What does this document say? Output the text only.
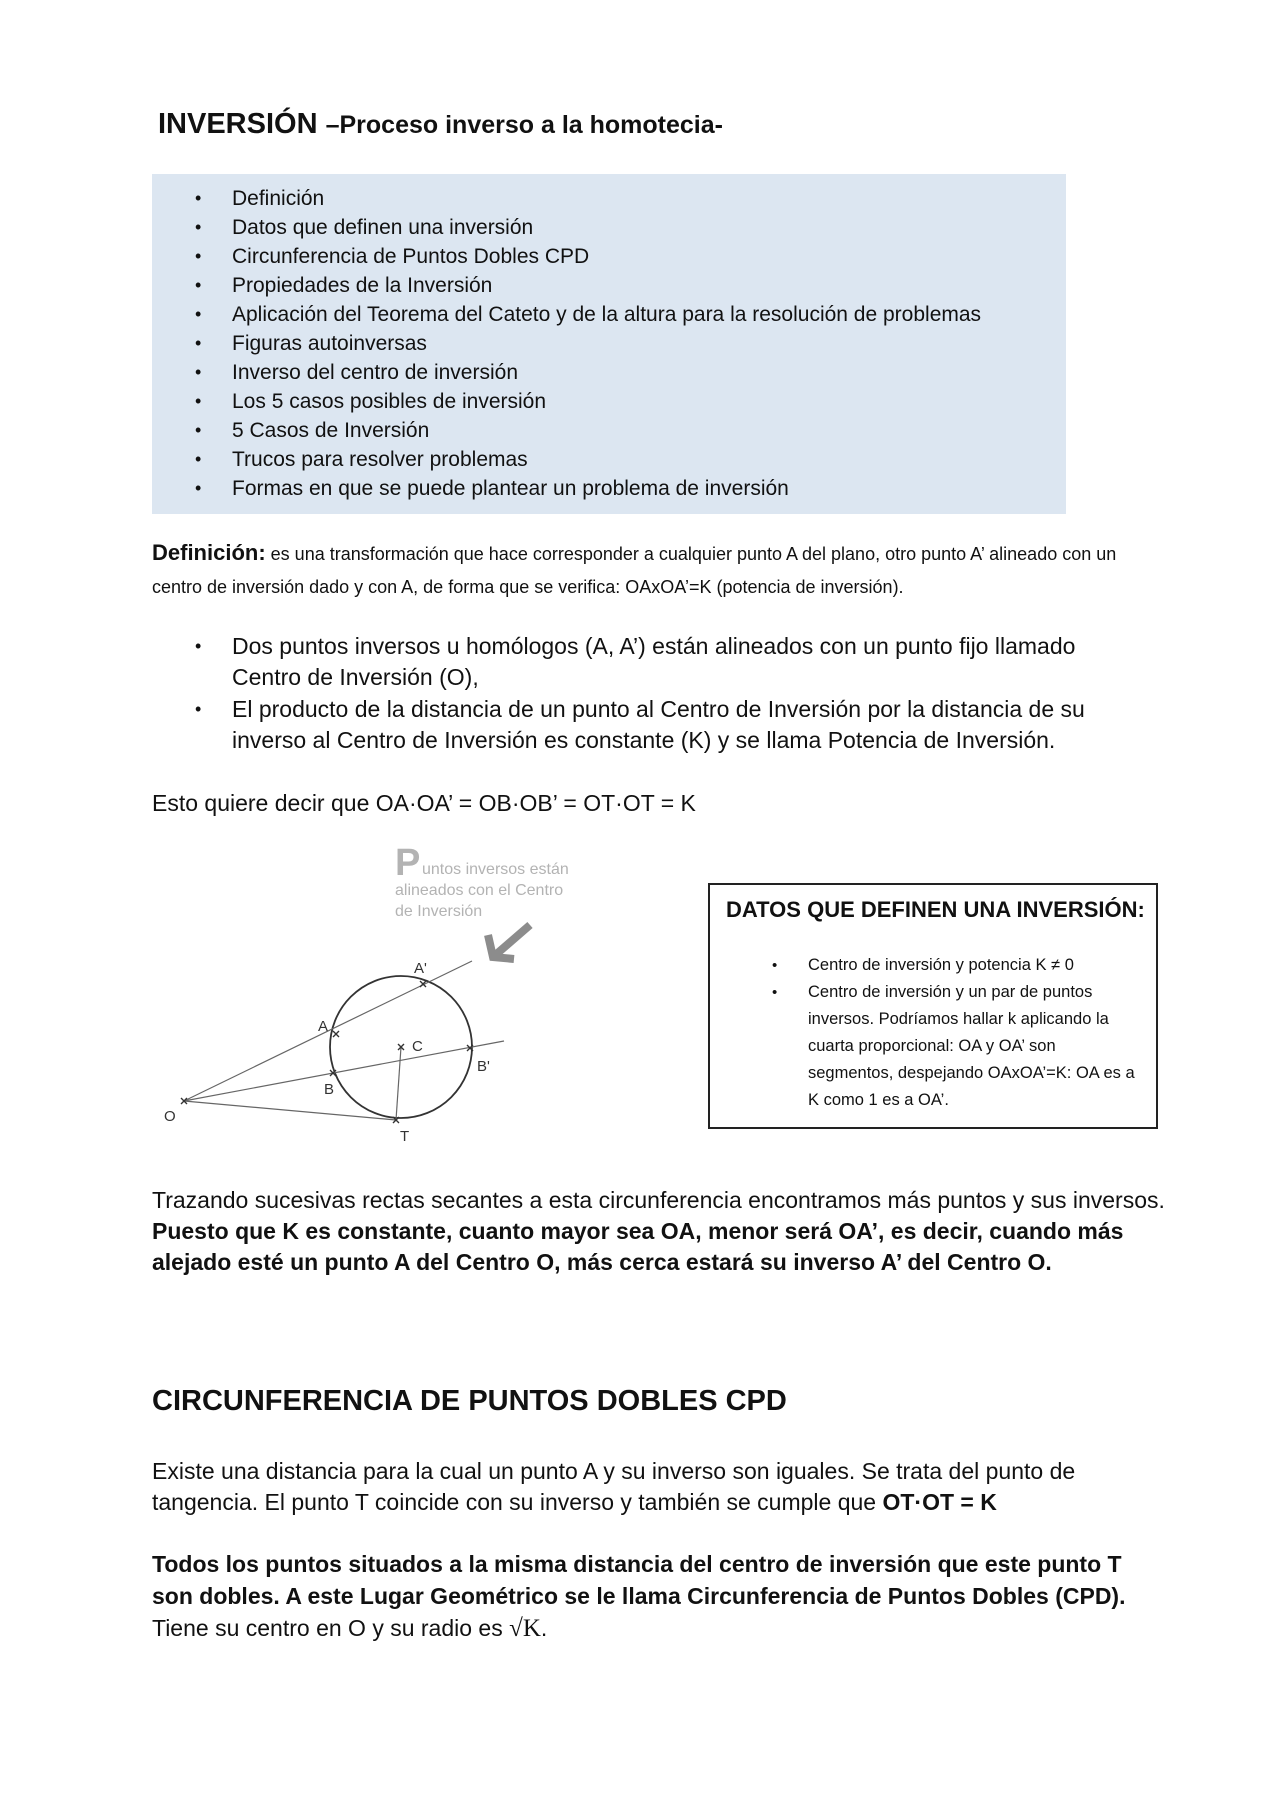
INVERSIÓN –Proceso inverso a la homotecia-
• Definición
• Datos que definen una inversión
• Circunferencia de Puntos Dobles CPD
• Propiedades de la Inversión
• Aplicación del Teorema del Cateto y de la altura para la resolución de problemas
• Figuras autoinversas
• Inverso del centro de inversión
• Los 5 casos posibles de inversión
• 5 Casos de Inversión
• Trucos para resolver problemas
• Formas en que se puede plantear un problema de inversión

Definición: es una transformación que hace corresponder a cualquier punto A del plano, otro punto A’ alineado con un centro de inversión dado y con A, de forma que se verifica: OAxOA’=K (potencia de inversión).

• Dos puntos inversos u homólogos (A, A’) están alineados con un punto fijo llamado Centro de Inversión (O),
• El producto de la distancia de un punto al Centro de Inversión por la distancia de su inverso al Centro de Inversión es constante (K) y se llama Potencia de Inversión.
Esto quiere decir que OA·OA’ = OB·OB’ = OT·OT = K
P untos inversos están
alineados con el Centro
de Inversión
O
A
A'
B
B'
C
T
DATOS QUE DEFINEN UNA INVERSIÓN:
• Centro de inversión y potencia K ≠ 0
• Centro de inversión y un par de puntos inversos. Podríamos hallar k aplicando la cuarta proporcional: OA y OA’ son segmentos, despejando OAxOA’=K: OA es a K como 1 es a OA’.

Trazando sucesivas rectas secantes a esta circunferencia encontramos más puntos y sus inversos.
Puesto que K es constante, cuanto mayor sea OA, menor será OA’, es decir, cuando más alejado esté un punto A del Centro O, más cerca estará su inverso A’ del Centro O.

CIRCUNFERENCIA DE PUNTOS DOBLES CPD

Existe una distancia para la cual un punto A y su inverso son iguales. Se trata del punto de tangencia. El punto T coincide con su inverso y también se cumple que OT·OT = K

Todos los puntos situados a la misma distancia del centro de inversión que este punto T son dobles. A este Lugar Geométrico se le llama Circunferencia de Puntos Dobles (CPD). Tiene su centro en O y su radio es √K.
